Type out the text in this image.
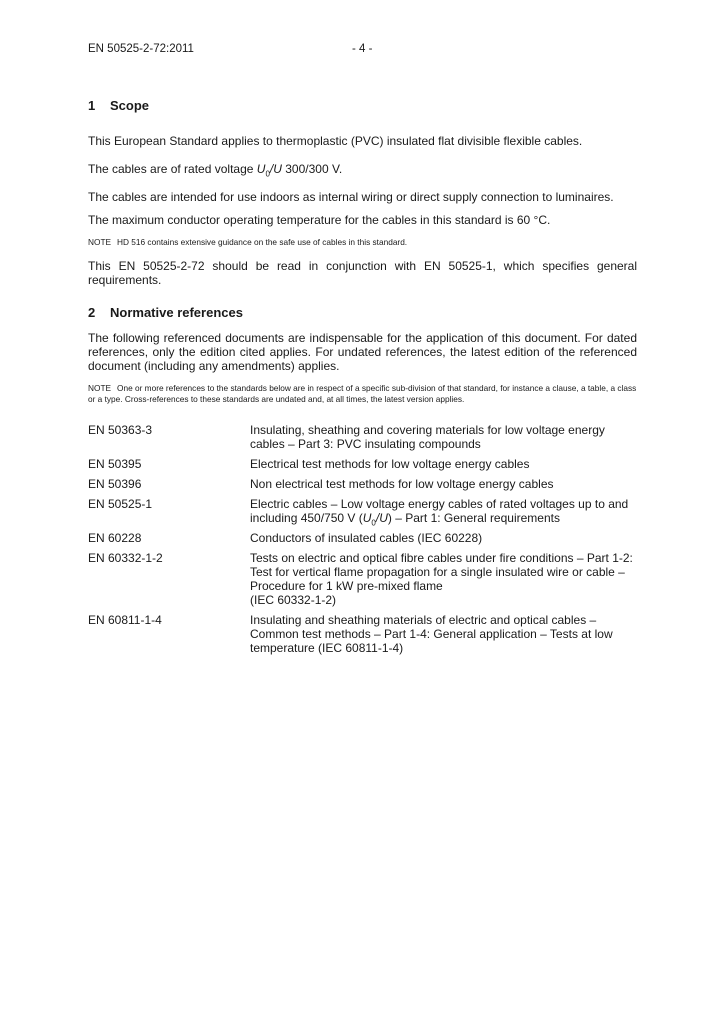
EN 50525-2-72:2011	- 4 -
1 Scope

This European Standard applies to thermoplastic (PVC) insulated flat divisible flexible cables.

The cables are of rated voltage $U_0/U$ 300/300 V.

The cables are intended for use indoors as internal wiring or direct supply connection to luminaires.

The maximum conductor operating temperature for the cables in this standard is 60 °C.

NOTE HD 516 contains extensive guidance on the safe use of cables in this standard.

This EN 50525-2-72 should be read in conjunction with EN 50525-1, which specifies general requirements.

2 Normative references

The following referenced documents are indispensable for the application of this document. For dated references, only the edition cited applies. For undated references, the latest edition of the referenced document (including any amendments) applies.

NOTE One or more references to the standards below are in respect of a specific sub-division of that standard, for instance a clause, a table, a class or a type. Cross-references to these standards are undated and, at all times, the latest version applies.

EN 50363-3	Insulating, sheathing and covering materials for low voltage energy cables – Part 3: PVC insulating compounds
EN 50395	Electrical test methods for low voltage energy cables
EN 50396	Non electrical test methods for low voltage energy cables
EN 50525-1	Electric cables – Low voltage energy cables of rated voltages up to and including 450/750 V $(U_0/U)$ – Part 1: General requirements
EN 60228	Conductors of insulated cables (IEC 60228)
EN 60332-1-2	Tests on electric and optical fibre cables under fire conditions – Part 1-2: Test for vertical flame propagation for a single insulated wire or cable – Procedure for 1 kW pre-mixed flame
(IEC 60332-1-2)
EN 60811-1-4	Insulating and sheathing materials of electric and optical cables – Common test methods – Part 1-4: General application – Tests at low temperature (IEC 60811-1-4)
